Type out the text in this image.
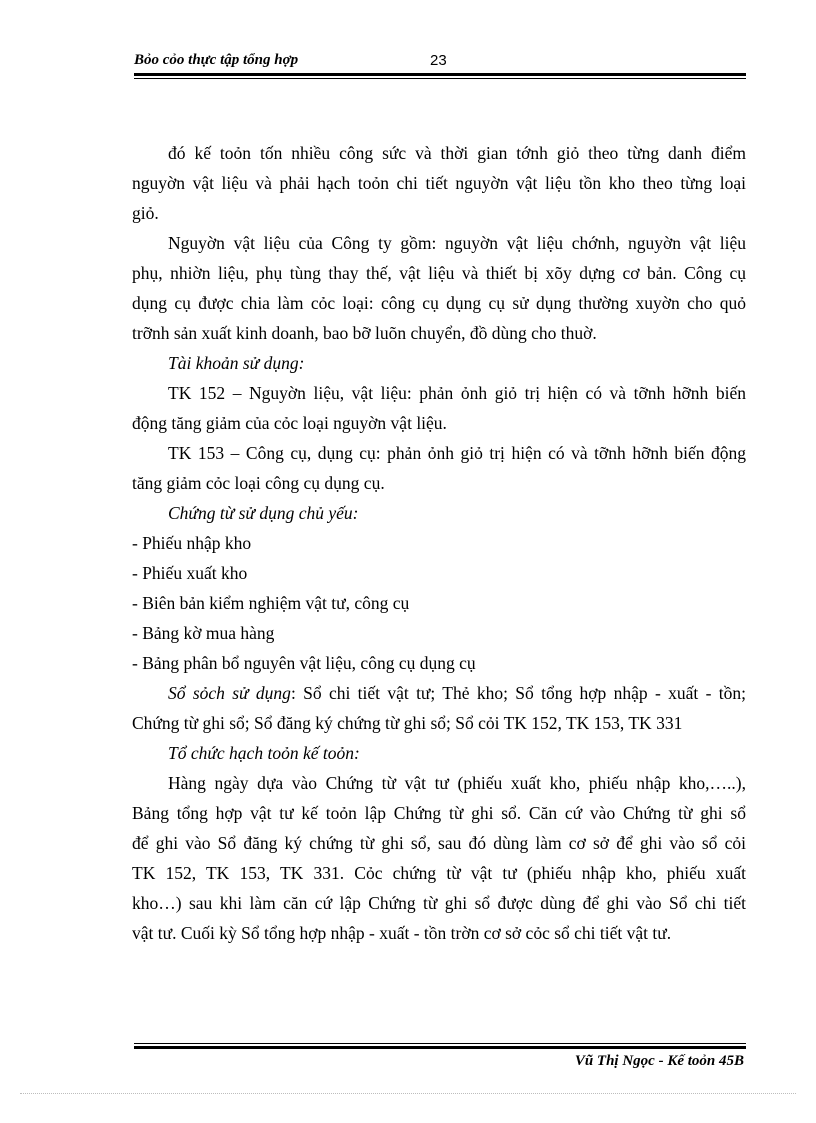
Bỏo cỏo thực tập tổng hợp	23
đó kế toỏn tốn nhiều công sức và thời gian tớnh giỏ theo từng danh điểm
nguyờn vật liệu và phải hạch toỏn chi tiết nguyờn vật liệu tồn kho theo từng loại
giỏ.
Nguyờn vật liệu của Công ty gồm: nguyờn vật liệu chớnh, nguyờn vật liệu
phụ, nhiờn liệu, phụ tùng thay thế, vật liệu và thiết bị xõy dựng cơ bản. Công cụ
dụng cụ được chia làm cỏc loại: công cụ dụng cụ sử dụng thường xuyờn cho quỏ
trỡnh sản xuất kinh doanh, bao bỡ luõn chuyển, đồ dùng cho thuờ.
Tài khoản sử dụng:
TK 152 – Nguyờn liệu, vật liệu: phản ỏnh giỏ trị hiện có và tỡnh hỡnh biến
động tăng giảm của cỏc loại nguyờn vật liệu.
TK 153 – Công cụ, dụng cụ: phản ỏnh giỏ trị hiện có và tỡnh hỡnh biến động
tăng giảm cỏc loại công cụ dụng cụ.
Chứng từ sử dụng chủ yếu:
- Phiếu nhập kho
- Phiếu xuất kho
- Biên bản kiểm nghiệm vật tư, công cụ
- Bảng kờ mua hàng
- Bảng phân bổ nguyên vật liệu, công cụ dụng cụ
Sổ sỏch sử dụng: Sổ chi tiết vật tư; Thẻ kho; Sổ tổng hợp nhập - xuất - tồn;
Chứng từ ghi sổ; Sổ đăng ký chứng từ ghi sổ; Sổ cỏi TK 152, TK 153, TK 331
Tổ chức hạch toỏn kế toỏn:
Hàng ngày dựa vào Chứng từ vật tư (phiếu xuất kho, phiếu nhập kho,…..),
Bảng tổng hợp vật tư kế toỏn lập Chứng từ ghi sổ. Căn cứ vào Chứng từ ghi sổ
để ghi vào Sổ đăng ký chứng từ ghi sổ, sau đó dùng làm cơ sở để ghi vào sổ cỏi
TK 152, TK 153, TK 331. Cỏc chứng từ vật tư (phiếu nhập kho, phiếu xuất
kho…) sau khi làm căn cứ lập Chứng từ ghi sổ được dùng để ghi vào Sổ chi tiết
vật tư. Cuối kỳ Sổ tổng hợp nhập - xuất - tồn trờn cơ sở cỏc sổ chi tiết vật tư.
Vũ Thị Ngọc - Kế toỏn 45B
